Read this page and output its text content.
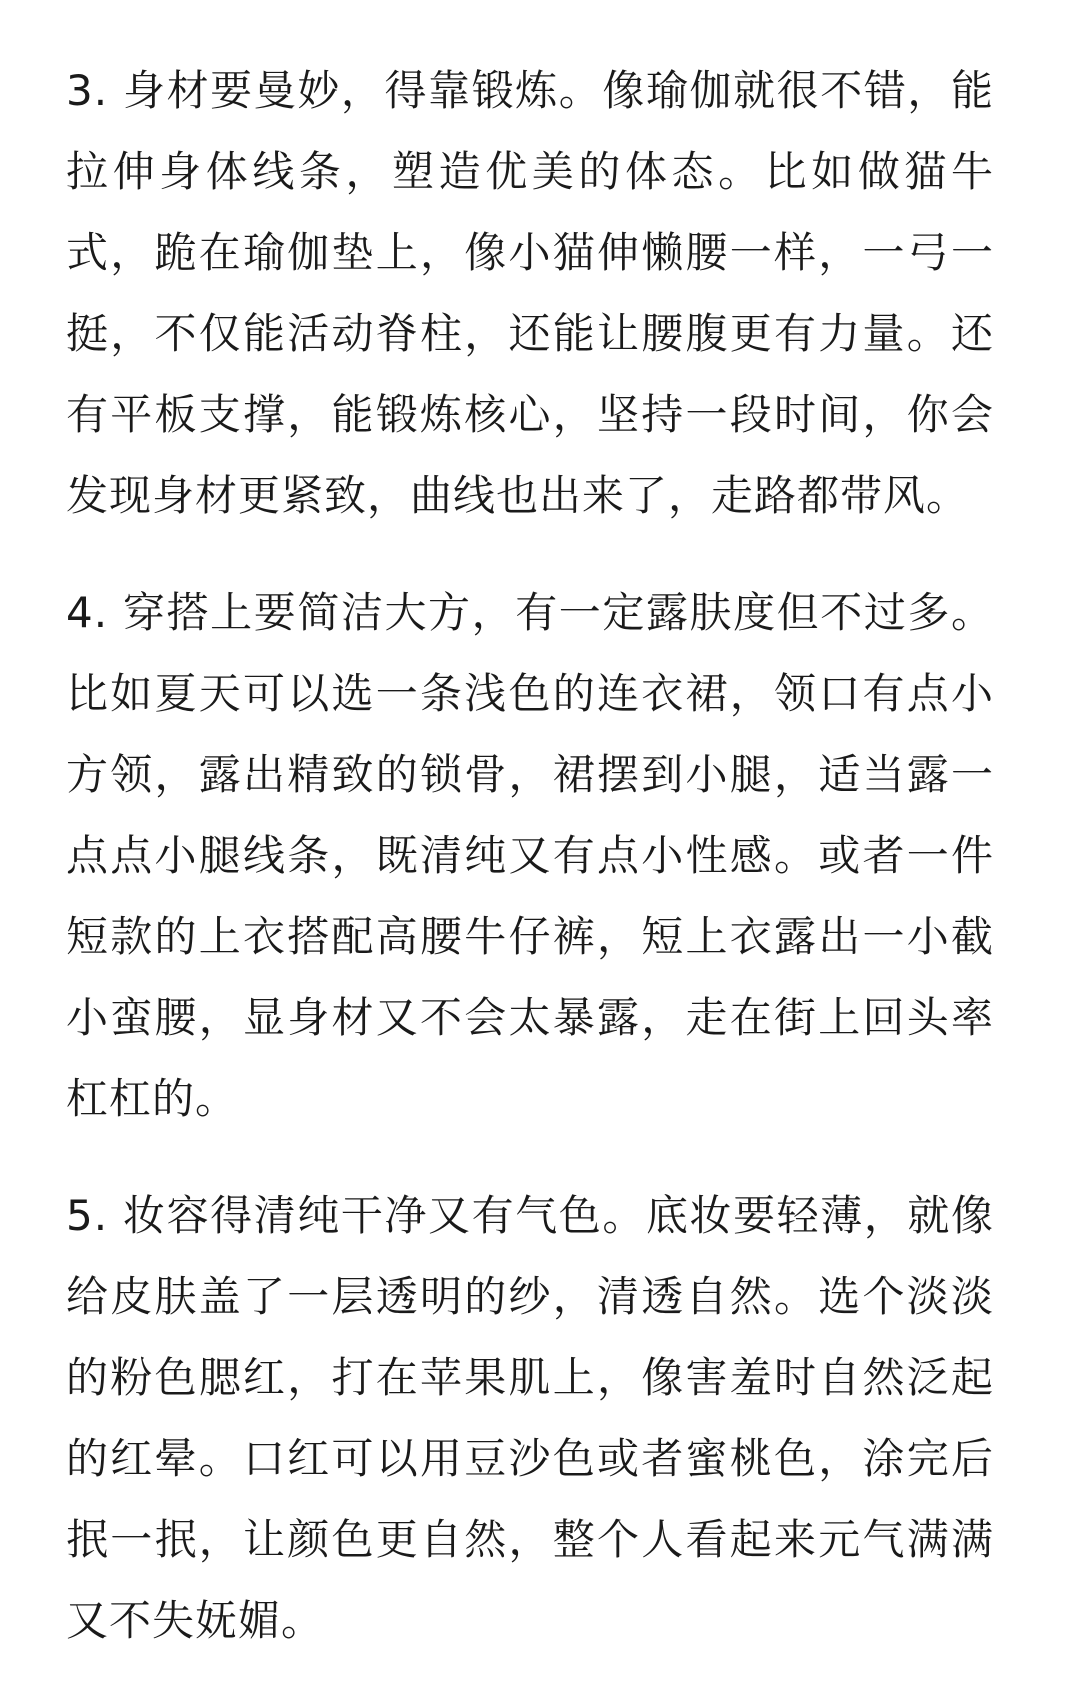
3. 身材要曼妙，得靠锻炼。像瑜伽就很不错，能拉伸身体线条，塑造优美的体态。比如做猫牛式，跪在瑜伽垫上，像小猫伸懒腰一样，一弓一挺，不仅能活动脊柱，还能让腰腹更有力量。还有平板支撑，能锻炼核心，坚持一段时间，你会发现身材更紧致，曲线也出来了，走路都带风。

4. 穿搭上要简洁大方，有一定露肤度但不过多。比如夏天可以选一条浅色的连衣裙，领口有点小方领，露出精致的锁骨，裙摆到小腿，适当露一点点小腿线条，既清纯又有点小性感。或者一件短款的上衣搭配高腰牛仔裤，短上衣露出一小截小蛮腰，显身材又不会太暴露，走在街上回头率杠杠的。

5. 妆容得清纯干净又有气色。底妆要轻薄，就像给皮肤盖了一层透明的纱，清透自然。选个淡淡的粉色腮红，打在苹果肌上，像害羞时自然泛起的红晕。口红可以用豆沙色或者蜜桃色，涂完后抿一抿，让颜色更自然，整个人看起来元气满满又不失妩媚。
